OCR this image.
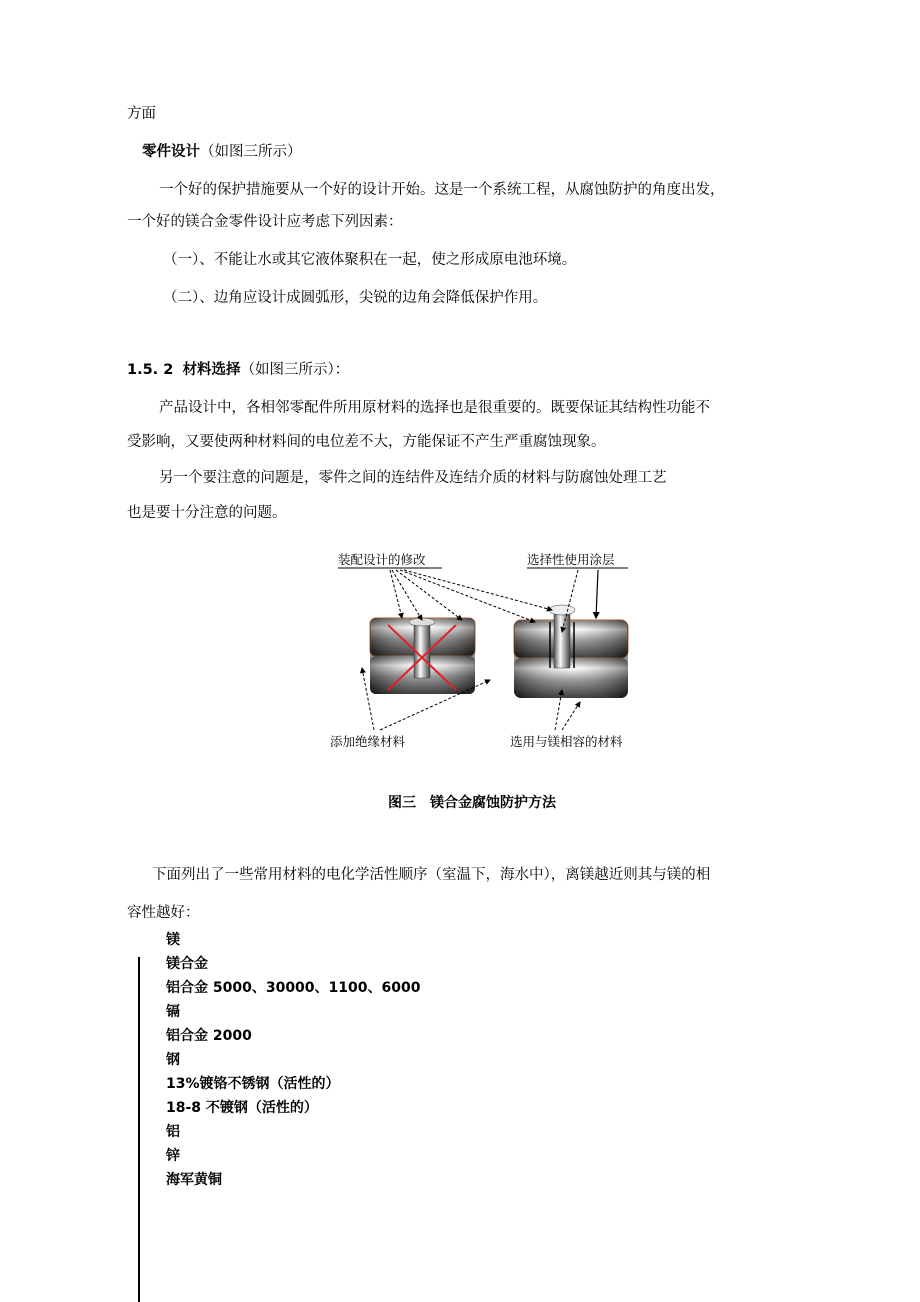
方面
零件设计（如图三所示）
一个好的保护措施要从一个好的设计开始。这是一个系统工程，从腐蚀防护的角度出发，
一个好的镁合金零件设计应考虑下列因素：
（一）、不能让水或其它液体聚积在一起，使之形成原电池环境。
（二）、边角应设计成圆弧形，尖锐的边角会降低保护作用。
1.5. 2 材料选择（如图三所示）：
产品设计中，各相邻零配件所用原材料的选择也是很重要的。既要保证其结构性功能不
受影响，又要使两种材料间的电位差不大，方能保证不产生严重腐蚀现象。
另一个要注意的问题是，零件之间的连结件及连结介质的材料与防腐蚀处理工艺
也是要十分注意的问题。
装配设计的修改	选择性使用涂层
添加绝缘材料	选用与镁相容的材料
图三　镁合金腐蚀防护方法
下面列出了一些常用材料的电化学活性顺序（室温下，海水中），离镁越近则其与镁的相
容性越好：
镁
镁合金
铝合金 5000、30000、1100、6000
镉
铝合金 2000
钢
13%镀铬不锈钢（活性的）
18-8 不镀钢（活性的）
铝
锌
海军黄铜
